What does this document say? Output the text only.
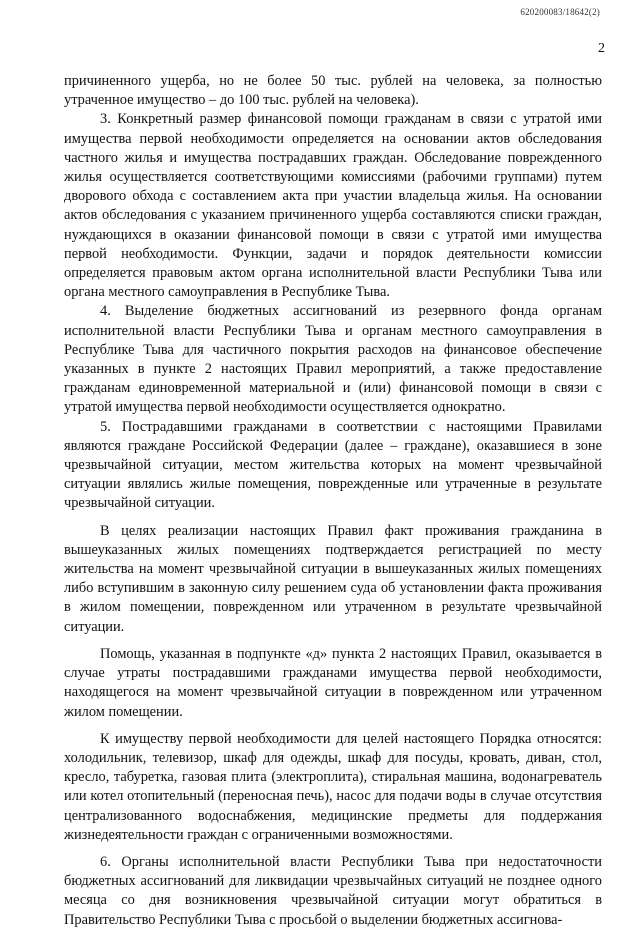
620200083/18642(2)
2

причиненного ущерба, но не более 50 тыс. рублей на человека, за полностью утраченное имущество – до 100 тыс. рублей на человека).

3. Конкретный размер финансовой помощи гражданам в связи с утратой ими имущества первой необходимости определяется на основании актов обследования частного жилья и имущества пострадавших граждан. Обследование поврежденного жилья осуществляется соответствующими комиссиями (рабочими группами) путем дворового обхода с составлением акта при участии владельца жилья. На основании актов обследования с указанием причиненного ущерба составляются списки граждан, нуждающихся в оказании финансовой помощи в связи с утратой ими имущества первой необходимости. Функции, задачи и порядок деятельности комиссии определяется правовым актом органа исполнительной власти Республики Тыва или органа местного самоуправления в Республике Тыва.

4. Выделение бюджетных ассигнований из резервного фонда органам исполнительной власти Республики Тыва и органам местного самоуправления в Республике Тыва для частичного покрытия расходов на финансовое обеспечение указанных в пункте 2 настоящих Правил мероприятий, а также предоставление гражданам единовременной материальной и (или) финансовой помощи в связи с утратой имущества первой необходимости осуществляется однократно.

5. Пострадавшими гражданами в соответствии с настоящими Правилами являются граждане Российской Федерации (далее – граждане), оказавшиеся в зоне чрезвычайной ситуации, местом жительства которых на момент чрезвычайной ситуации являлись жилые помещения, поврежденные или утраченные в результате чрезвычайной ситуации.

В целях реализации настоящих Правил факт проживания гражданина в вышеуказанных жилых помещениях подтверждается регистрацией по месту жительства на момент чрезвычайной ситуации в вышеуказанных жилых помещениях либо вступившим в законную силу решением суда об установлении факта проживания в жилом помещении, поврежденном или утраченном в результате чрезвычайной ситуации.

Помощь, указанная в подпункте «д» пункта 2 настоящих Правил, оказывается в случае утраты пострадавшими гражданами имущества первой необходимости, находящегося на момент чрезвычайной ситуации в поврежденном или утраченном жилом помещении.

К имуществу первой необходимости для целей настоящего Порядка относятся: холодильник, телевизор, шкаф для одежды, шкаф для посуды, кровать, диван, стол, кресло, табуретка, газовая плита (электроплита), стиральная машина, водонагреватель или котел отопительный (переносная печь), насос для подачи воды в случае отсутствия централизованного водоснабжения, медицинские предметы для поддержания жизнедеятельности граждан с ограниченными возможностями.

6. Органы исполнительной власти Республики Тыва при недостаточности бюджетных ассигнований для ликвидации чрезвычайных ситуаций не позднее одного месяца со дня возникновения чрезвычайной ситуации могут обратиться в Правительство Республики Тыва с просьбой о выделении бюджетных ассигнова-
